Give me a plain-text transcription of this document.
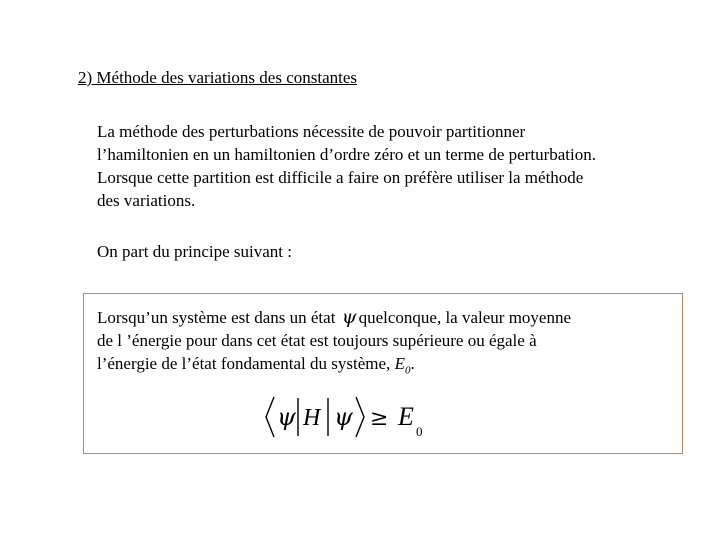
2) Méthode des variations des constantes
La méthode des perturbations nécessite de pouvoir partitionner
l’hamiltonien en un hamiltonien d’ordre zéro et un terme de perturbation.
Lorsque cette partition est difficile a faire on préfère utiliser la méthode
des variations.
On part du principe suivant :
Lorsqu’un système est dans un état ψ quelconque, la valeur moyenne
de l ’énergie pour dans cet état est toujours supérieure ou égale à
l’énergie de l’état fondamental du système, $E_0$.
ψ H ψ ≥ E
0
